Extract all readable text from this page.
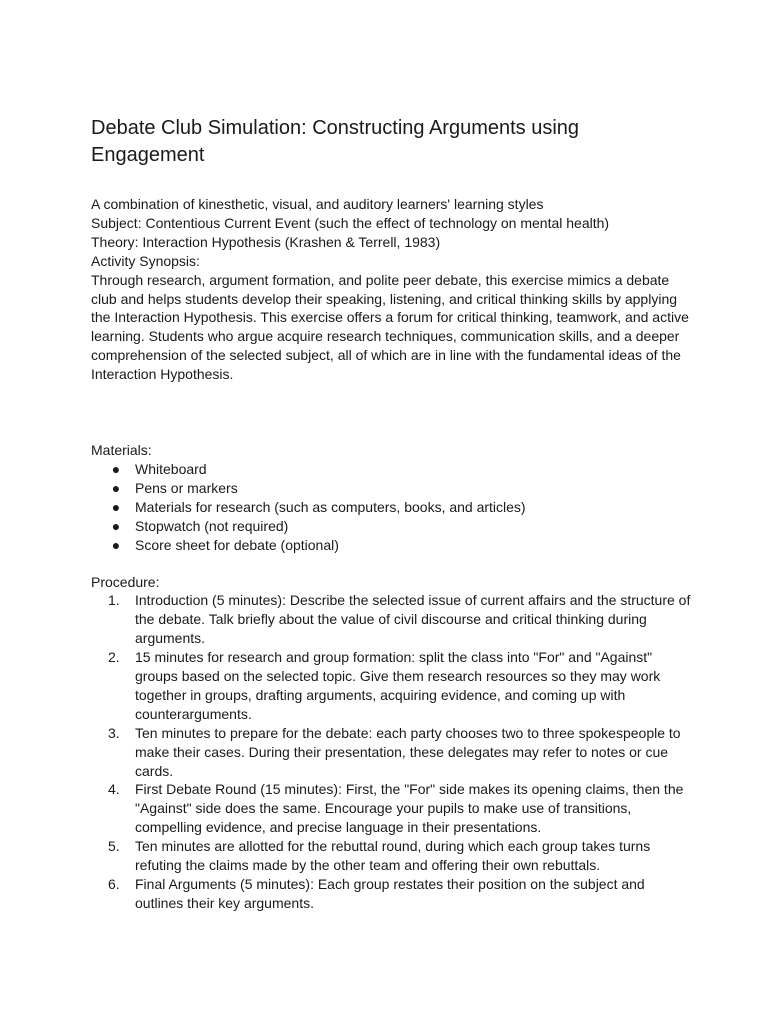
Debate Club Simulation: Constructing Arguments using Engagement

A combination of kinesthetic, visual, and auditory learners' learning styles

Subject: Contentious Current Event (such the effect of technology on mental health)

Theory: Interaction Hypothesis (Krashen & Terrell, 1983)

Activity Synopsis:

Through research, argument formation, and polite peer debate, this exercise mimics a debate club and helps students develop their speaking, listening, and critical thinking skills by applying the Interaction Hypothesis. This exercise offers a forum for critical thinking, teamwork, and active learning. Students who argue acquire research techniques, communication skills, and a deeper comprehension of the selected subject, all of which are in line with the fundamental ideas of the Interaction Hypothesis.

Materials:

● Whiteboard
● Pens or markers
● Materials for research (such as computers, books, and articles)
● Stopwatch (not required)
● Score sheet for debate (optional)

Procedure:

1.	Introduction (5 minutes): Describe the selected issue of current affairs and the structure of the debate. Talk briefly about the value of civil discourse and critical thinking during arguments.
2.	15 minutes for research and group formation: split the class into "For" and "Against" groups based on the selected topic. Give them research resources so they may work together in groups, drafting arguments, acquiring evidence, and coming up with counterarguments.
3.	Ten minutes to prepare for the debate: each party chooses two to three spokespeople to make their cases. During their presentation, these delegates may refer to notes or cue cards.
4.	First Debate Round (15 minutes): First, the "For" side makes its opening claims, then the "Against" side does the same. Encourage your pupils to make use of transitions, compelling evidence, and precise language in their presentations.
5.	Ten minutes are allotted for the rebuttal round, during which each group takes turns refuting the claims made by the other team and offering their own rebuttals.
6.	Final Arguments (5 minutes): Each group restates their position on the subject and outlines their key arguments.
